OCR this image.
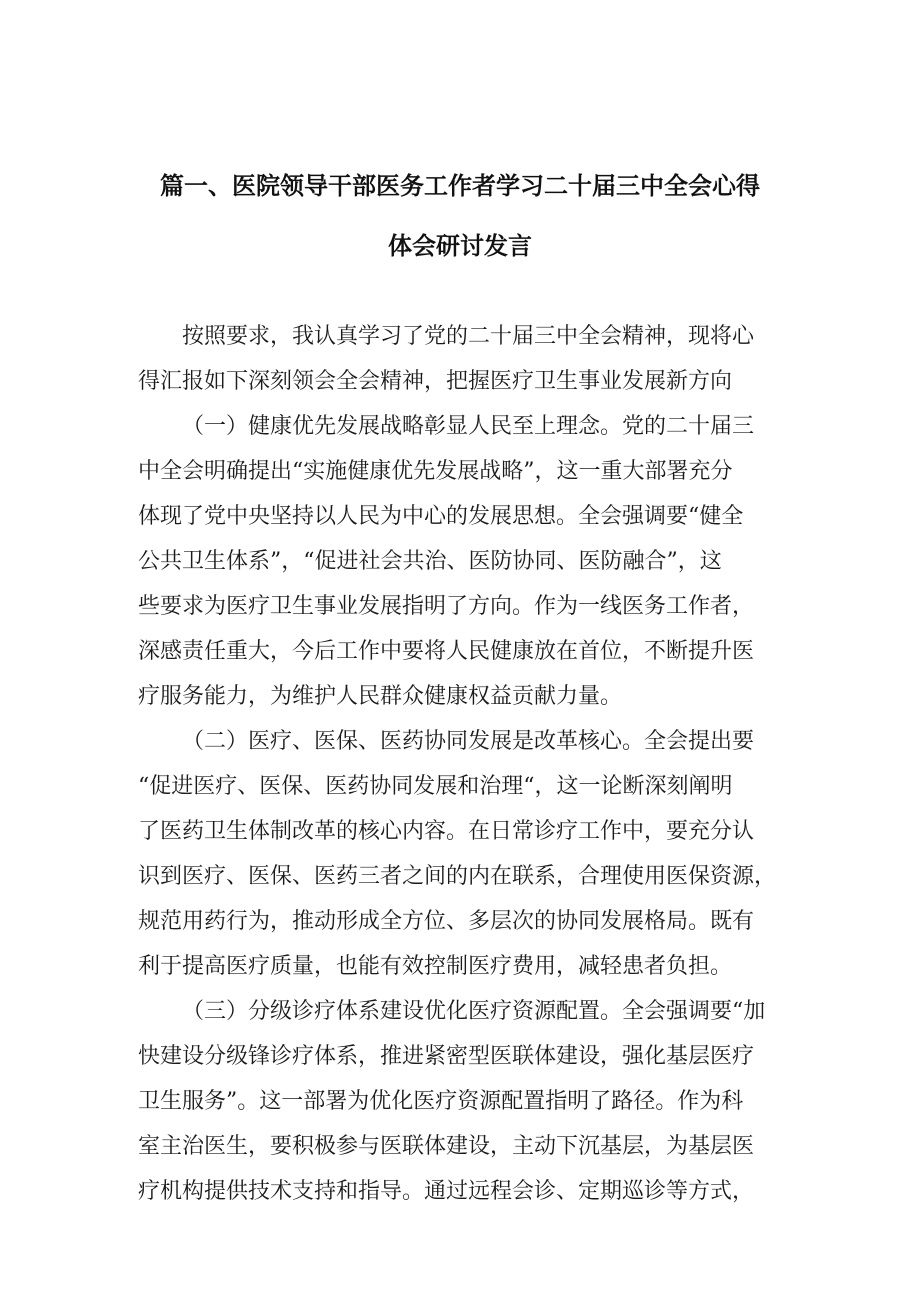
篇一、医院领导干部医务工作者学习二十届三中全会心得
体会研讨发言
按照要求，我认真学习了党的二十届三中全会精神，现将心
得汇报如下深刻领会全会精神，把握医疗卫生事业发展新方向
（一）健康优先发展战略彰显人民至上理念。党的二十届三
中全会明确提出“实施健康优先发展战略”，这一重大部署充分
体现了党中央坚持以人民为中心的发展思想。全会强调要“健全
公共卫生体系”，“促进社会共治、医防协同、医防融合”，这
些要求为医疗卫生事业发展指明了方向。作为一线医务工作者，
深感责任重大，今后工作中要将人民健康放在首位，不断提升医
疗服务能力，为维护人民群众健康权益贡献力量。
（二）医疗、医保、医药协同发展是改革核心。全会提出要
“促进医疗、医保、医药协同发展和治理“，这一论断深刻阐明
了医药卫生体制改革的核心内容。在日常诊疗工作中，要充分认
识到医疗、医保、医药三者之间的内在联系，合理使用医保资源，
规范用药行为，推动形成全方位、多层次的协同发展格局。既有
利于提高医疗质量，也能有效控制医疗费用，减轻患者负担。
（三）分级诊疗体系建设优化医疗资源配置。全会强调要“加
快建设分级锋诊疗体系，推进紧密型医联体建设，强化基层医疗
卫生服务”。这一部署为优化医疗资源配置指明了路径。作为科
室主治医生，要积极参与医联体建设，主动下沉基层，为基层医
疗机构提供技术支持和指导。通过远程会诊、定期巡诊等方式，
